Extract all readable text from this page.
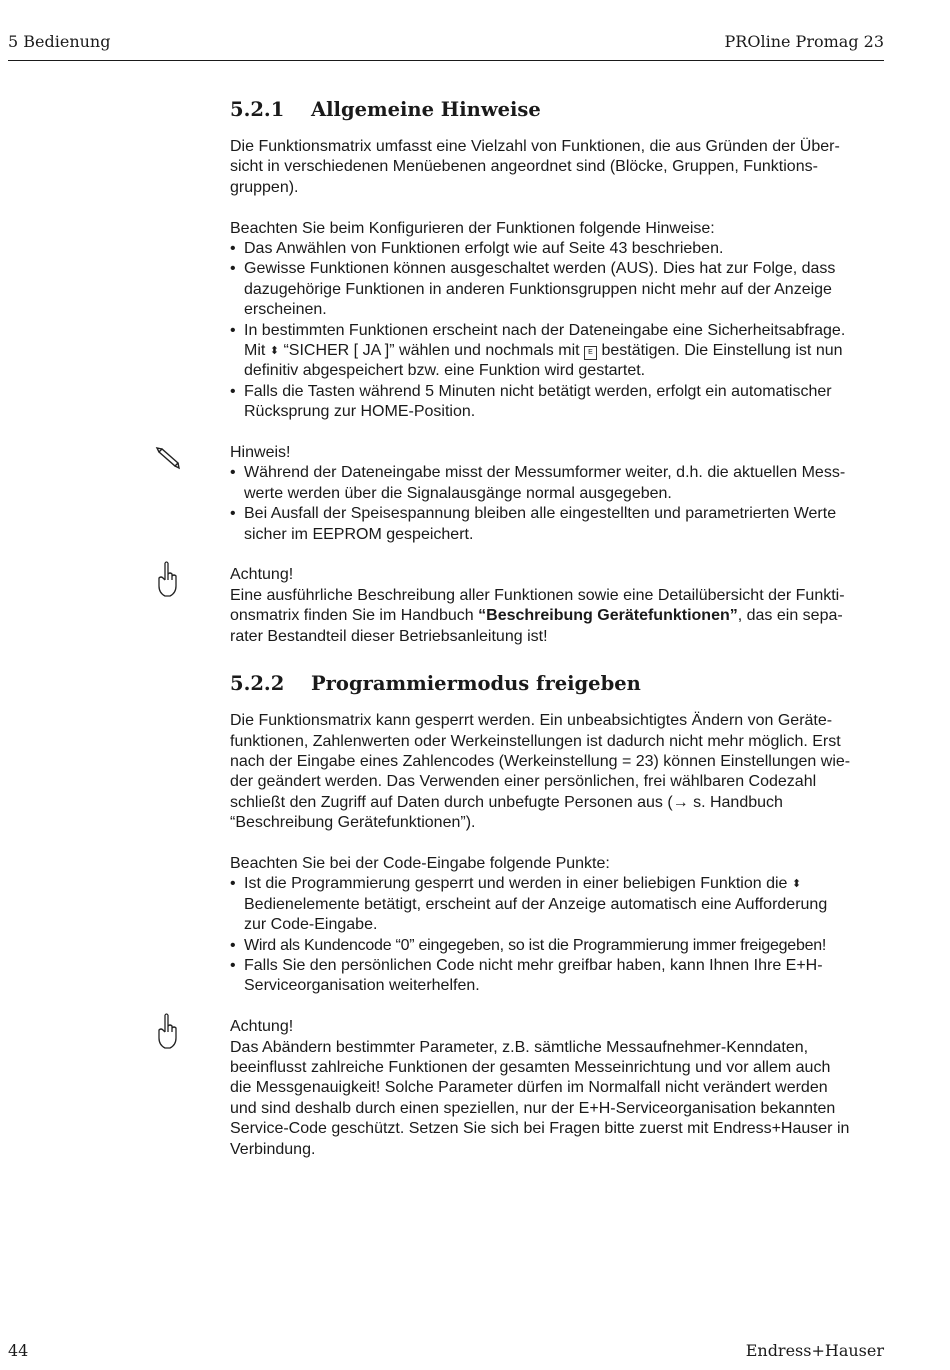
5 Bedienung	PROline Promag 23
5.2.1 Allgemeine Hinweise

Die Funktionsmatrix umfasst eine Vielzahl von Funktionen, die aus Gründen der Über-
sicht in verschiedenen Menüebenen angeordnet sind (Blöcke, Gruppen, Funktions-
gruppen).

Beachten Sie beim Konfigurieren der Funktionen folgende Hinweise:

• Das Anwählen von Funktionen erfolgt wie auf Seite 43 beschrieben.
• Gewisse Funktionen können ausgeschaltet werden (AUS). Dies hat zur Folge, dass
dazugehörige Funktionen in anderen Funktionsgruppen nicht mehr auf der Anzeige
erscheinen.
• In bestimmten Funktionen erscheint nach der Dateneingabe eine Sicherheitsabfrage.
Mit ⬍ “SICHER [ JA ]” wählen und nochmals mit E bestätigen. Die Einstellung ist nun
definitiv abgespeichert bzw. eine Funktion wird gestartet.
• Falls die Tasten während 5 Minuten nicht betätigt werden, erfolgt ein automatischer
Rücksprung zur HOME-Position.

Hinweis!

• Während der Dateneingabe misst der Messumformer weiter, d.h. die aktuellen Mess-
werte werden über die Signalausgänge normal ausgegeben.
• Bei Ausfall der Speisespannung bleiben alle eingestellten und parametrierten Werte
sicher im EEPROM gespeichert.

Achtung!

Eine ausführliche Beschreibung aller Funktionen sowie eine Detailübersicht der Funkti-
onsmatrix finden Sie im Handbuch “Beschreibung Gerätefunktionen”, das ein sepa-
rater Bestandteil dieser Betriebsanleitung ist!

5.2.2 Programmiermodus freigeben

Die Funktionsmatrix kann gesperrt werden. Ein unbeabsichtigtes Ändern von Geräte-
funktionen, Zahlenwerten oder Werkeinstellungen ist dadurch nicht mehr möglich. Erst
nach der Eingabe eines Zahlencodes (Werkeinstellung = 23) können Einstellungen wie-
der geändert werden. Das Verwenden einer persönlichen, frei wählbaren Codezahl
schließt den Zugriff auf Daten durch unbefugte Personen aus (→ s. Handbuch
“Beschreibung Gerätefunktionen”).

Beachten Sie bei der Code-Eingabe folgende Punkte:

• Ist die Programmierung gesperrt und werden in einer beliebigen Funktion die ⬍
Bedienelemente betätigt, erscheint auf der Anzeige automatisch eine Aufforderung
zur Code-Eingabe.
• Wird als Kundencode “0” eingegeben, so ist die Programmierung immer freigegeben!
• Falls Sie den persönlichen Code nicht mehr greifbar haben, kann Ihnen Ihre E+H-
Serviceorganisation weiterhelfen.

Achtung!

Das Abändern bestimmter Parameter, z.B. sämtliche Messaufnehmer-Kenndaten,
beeinflusst zahlreiche Funktionen der gesamten Messeinrichtung und vor allem auch
die Messgenauigkeit! Solche Parameter dürfen im Normalfall nicht verändert werden
und sind deshalb durch einen speziellen, nur der E+H-Serviceorganisation bekannten
Service-Code geschützt. Setzen Sie sich bei Fragen bitte zuerst mit Endress+Hauser in
Verbindung.

44	Endress+Hauser
